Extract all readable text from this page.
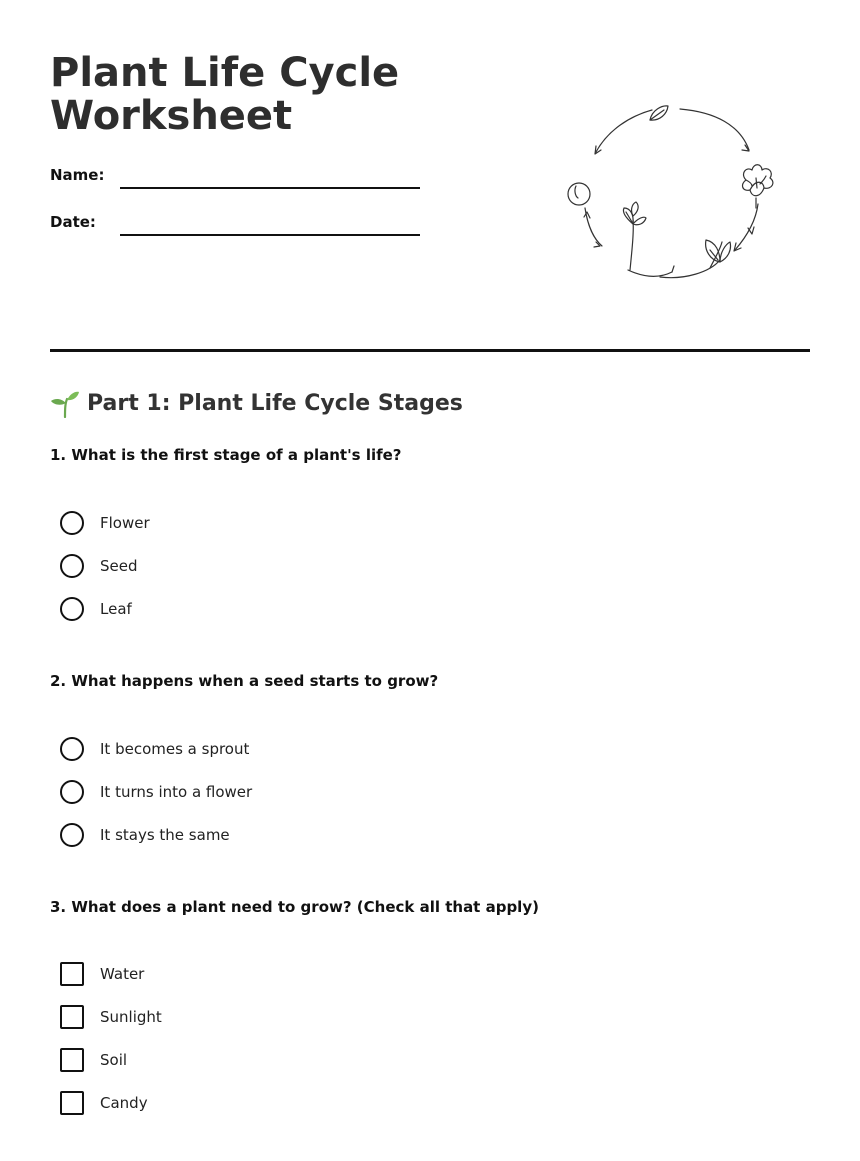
Plant Life Cycle
Worksheet
Name:
Date:
Part 1: Plant Life Cycle Stages

1. What is the first stage of a plant's life?

Flower
Seed
Leaf

2. What happens when a seed starts to grow?

It becomes a sprout
It turns into a flower
It stays the same

3. What does a plant need to grow? (Check all that apply)

Water
Sunlight
Soil
Candy
